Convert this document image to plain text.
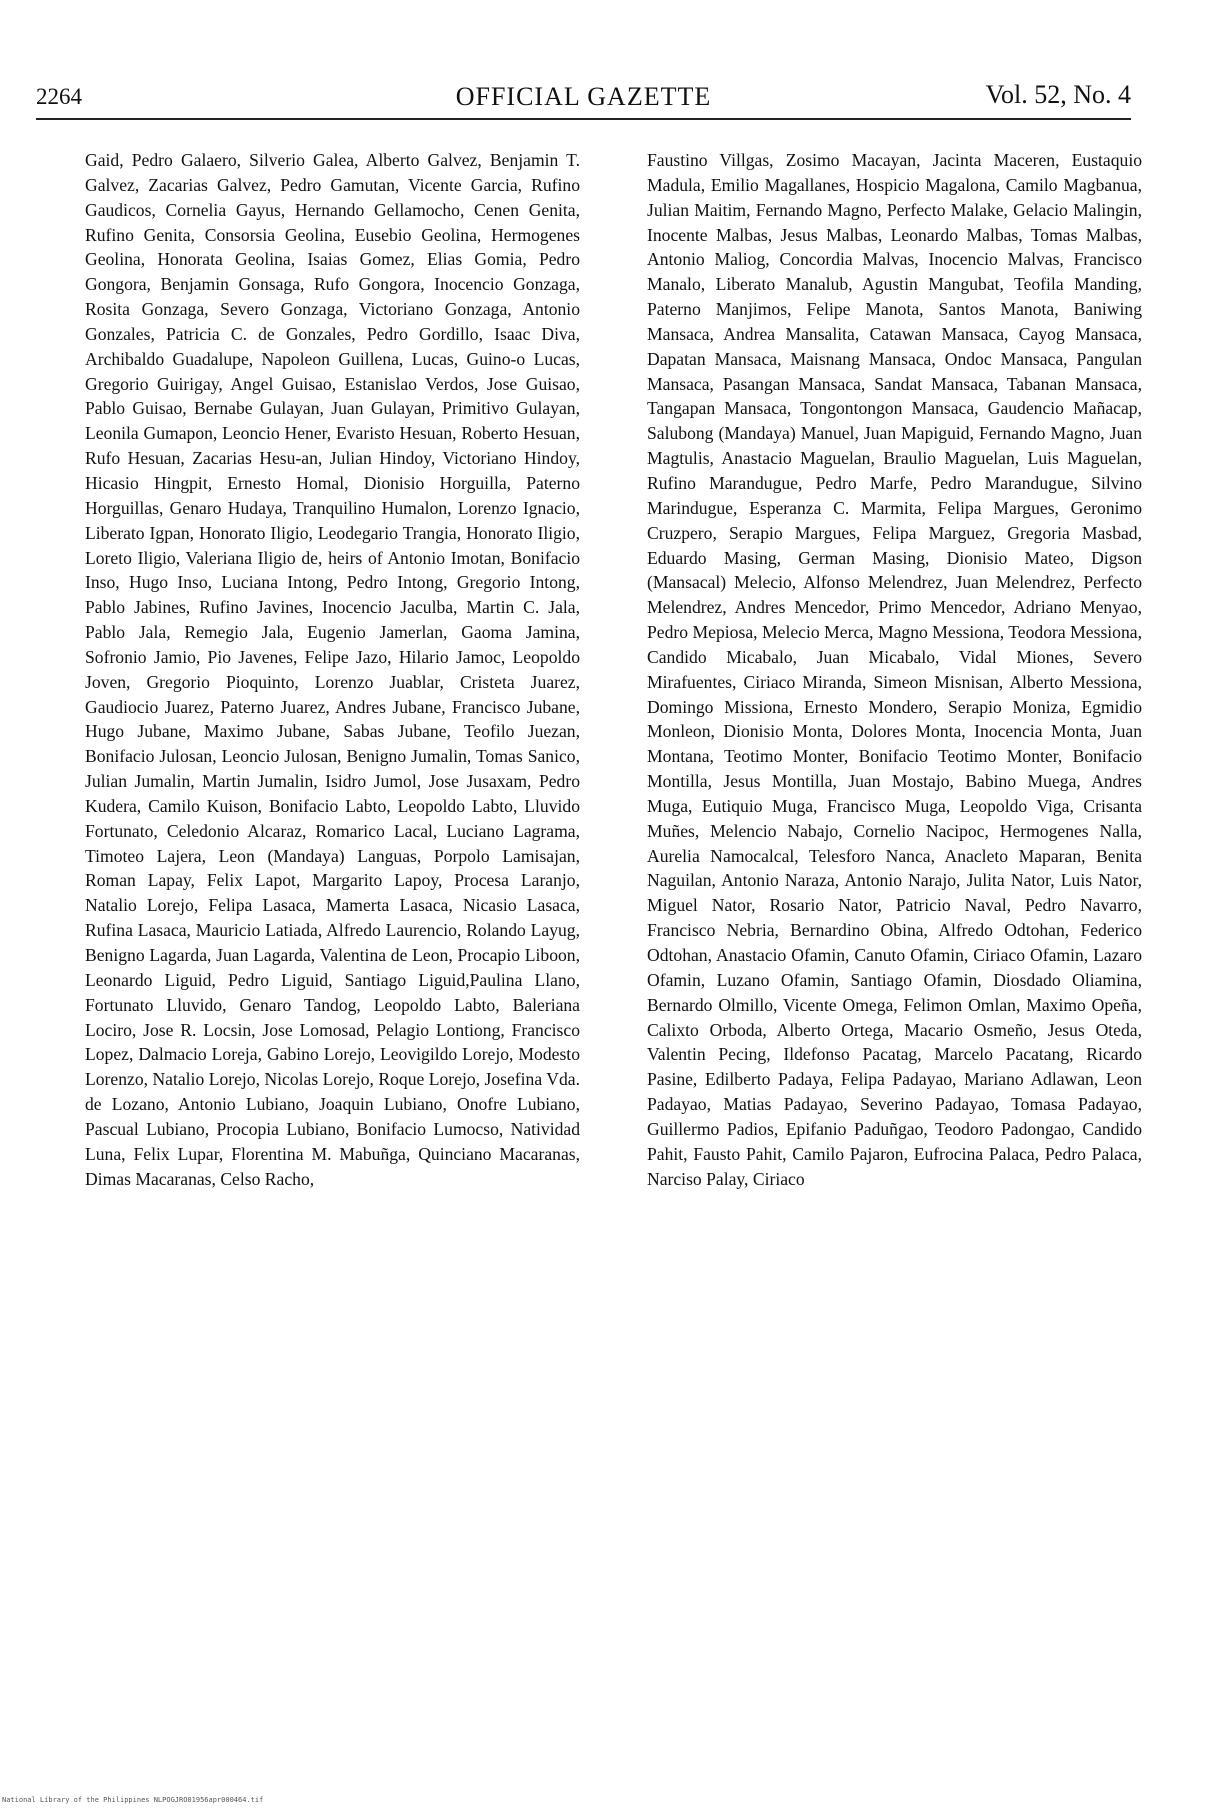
2264	OFFICIAL GAZETTE	Vol. 52, No. 4
Gaid, Pedro Galaero, Silverio Galea, Alberto Galvez, Benjamin T. Galvez, Zacarias Galvez, Pedro Gamutan, Vicente Garcia, Rufino Gaudicos, Cornelia Gayus, Hernando Gellamocho, Cenen Genita, Rufino Genita, Consorsia Geolina, Eusebio Geolina, Hermogenes Geolina, Honorata Geolina, Isaias Gomez, Elias Gomia, Pedro Gongora, Benjamin Gonsaga, Rufo Gongora, Inocencio Gonzaga, Rosita Gonzaga, Severo Gonzaga, Victoriano Gonzaga, Antonio Gonzales, Patricia C. de Gonzales, Pedro Gordillo, Isaac Diva, Archibaldo Guadalupe, Napoleon Guillena, Lucas, Guino-o Lucas, Gregorio Guirigay, Angel Guisao, Estanislao Verdos, Jose Guisao, Pablo Guisao, Bernabe Gulayan, Juan Gulayan, Primitivo Gulayan, Leonila Gumapon, Leoncio Hener, Evaristo Hesuan, Roberto Hesuan, Rufo Hesuan, Zacarias Hesu-an, Julian Hindoy, Victoriano Hindoy, Hicasio Hingpit, Ernesto Homal, Dionisio Horguilla, Paterno Horguillas, Genaro Hudaya, Tranquilino Humalon, Lorenzo Ignacio, Liberato Igpan, Honorato Iligio, Leodegario Trangia, Honorato Iligio, Loreto Iligio, Valeriana Iligio de, heirs of Antonio Imotan, Bonifacio Inso, Hugo Inso, Luciana Intong, Pedro Intong, Gregorio Intong, Pablo Jabines, Rufino Javines, Inocencio Jaculba, Martin C. Jala, Pablo Jala, Remegio Jala, Eugenio Jamerlan, Gaoma Jamina, Sofronio Jamio, Pio Javenes, Felipe Jazo, Hilario Jamoc, Leopoldo Joven, Gregorio Pioquinto, Lorenzo Juablar, Cristeta Juarez, Gaudiocio Juarez, Paterno Juarez, Andres Jubane, Francisco Jubane, Hugo Jubane, Maximo Jubane, Sabas Jubane, Teofilo Juezan, Bonifacio Julosan, Leoncio Julosan, Benigno Jumalin, Tomas Sanico, Julian Jumalin, Martin Jumalin, Isidro Jumol, Jose Jusaxam, Pedro Kudera, Camilo Kuison, Bonifacio Labto, Leopoldo Labto, Lluvido Fortunato, Celedonio Alcaraz, Romarico Lacal, Luciano Lagrama, Timoteo Lajera, Leon (Mandaya) Languas, Porpolo Lamisajan, Roman Lapay, Felix Lapot, Margarito Lapoy, Procesa Laranjo, Natalio Lorejo, Felipa Lasaca, Mamerta Lasaca, Nicasio Lasaca, Rufina Lasaca, Mauricio Latiada, Alfredo Laurencio, Rolando Layug, Benigno Lagarda, Juan Lagarda, Valentina de Leon, Procapio Liboon, Leonardo Liguid, Pedro Liguid, Santiago Liguid,Paulina Llano, Fortunato Lluvido, Genaro Tandog, Leopoldo Labto, Baleriana Lociro, Jose R. Locsin, Jose Lomosad, Pelagio Lontiong, Francisco Lopez, Dalmacio Loreja, Gabino Lorejo, Leovigildo Lorejo, Modesto Lorenzo, Natalio Lorejo, Nicolas Lorejo, Roque Lorejo, Josefina Vda. de Lozano, Antonio Lubiano, Joaquin Lubiano, Onofre Lubiano, Pascual Lubiano, Procopia Lubiano, Bonifacio Lumocso, Natividad Luna, Felix Lupar, Florentina M. Mabuñga, Quinciano Macaranas, Dimas Macaranas, Celso Racho,
Faustino Villgas, Zosimo Macayan, Jacinta Maceren, Eustaquio Madula, Emilio Magallanes, Hospicio Magalona, Camilo Magbanua, Julian Maitim, Fernando Magno, Perfecto Malake, Gelacio Malingin, Inocente Malbas, Jesus Malbas, Leonardo Malbas, Tomas Malbas, Antonio Maliog, Concordia Malvas, Inocencio Malvas, Francisco Manalo, Liberato Manalub, Agustin Mangubat, Teofila Manding, Paterno Manjimos, Felipe Manota, Santos Manota, Baniwing Mansaca, Andrea Mansalita, Catawan Mansaca, Cayog Mansaca, Dapatan Mansaca, Maisnang Mansaca, Ondoc Mansaca, Pangulan Mansaca, Pasangan Mansaca, Sandat Mansaca, Tabanan Mansaca, Tangapan Mansaca, Tongontongon Mansaca, Gaudencio Mañacap, Salubong (Mandaya) Manuel, Juan Mapiguid, Fernando Magno, Juan Magtulis, Anastacio Maguelan, Braulio Maguelan, Luis Maguelan, Rufino Marandugue, Pedro Marfe, Pedro Marandugue, Silvino Marindugue, Esperanza C. Marmita, Felipa Margues, Geronimo Cruzpero, Serapio Margues, Felipa Marguez, Gregoria Masbad, Eduardo Masing, German Masing, Dionisio Mateo, Digson (Mansacal) Melecio, Alfonso Melendrez, Juan Melendrez, Perfecto Melendrez, Andres Mencedor, Primo Mencedor, Adriano Menyao, Pedro Mepiosa, Melecio Merca, Magno Messiona, Teodora Messiona, Candido Micabalo, Juan Micabalo, Vidal Miones, Severo Mirafuentes, Ciriaco Miranda, Simeon Misnisan, Alberto Messiona, Domingo Missiona, Ernesto Mondero, Serapio Moniza, Egmidio Monleon, Dionisio Monta, Dolores Monta, Inocencia Monta, Juan Montana, Teotimo Monter, Bonifacio Teotimo Monter, Bonifacio Montilla, Jesus Montilla, Juan Mostajo, Babino Muega, Andres Muga, Eutiquio Muga, Francisco Muga, Leopoldo Viga, Crisanta Muñes, Melencio Nabajo, Cornelio Nacipoc, Hermogenes Nalla, Aurelia Namocalcal, Telesforo Nanca, Anacleto Maparan, Benita Naguilan, Antonio Naraza, Antonio Narajo, Julita Nator, Luis Nator, Miguel Nator, Rosario Nator, Patricio Naval, Pedro Navarro, Francisco Nebria, Bernardino Obina, Alfredo Odtohan, Federico Odtohan, Anastacio Ofamin, Canuto Ofamin, Ciriaco Ofamin, Lazaro Ofamin, Luzano Ofamin, Santiago Ofamin, Diosdado Oliamina, Bernardo Olmillo, Vicente Omega, Felimon Omlan, Maximo Opeña, Calixto Orboda, Alberto Ortega, Macario Osmeño, Jesus Oteda, Valentin Pecing, Ildefonso Pacatag, Marcelo Pacatang, Ricardo Pasine, Edilberto Padaya, Felipa Padayao, Mariano Adlawan, Leon Padayao, Matias Padayao, Severino Padayao, Tomasa Padayao, Guillermo Padios, Epifanio Paduñgao, Teodoro Padongao, Candido Pahit, Fausto Pahit, Camilo Pajaron, Eufrocina Palaca, Pedro Palaca, Narciso Palay, Ciriaco
National Library of the Philippines NLPOGJRO01956apr000464.tif
